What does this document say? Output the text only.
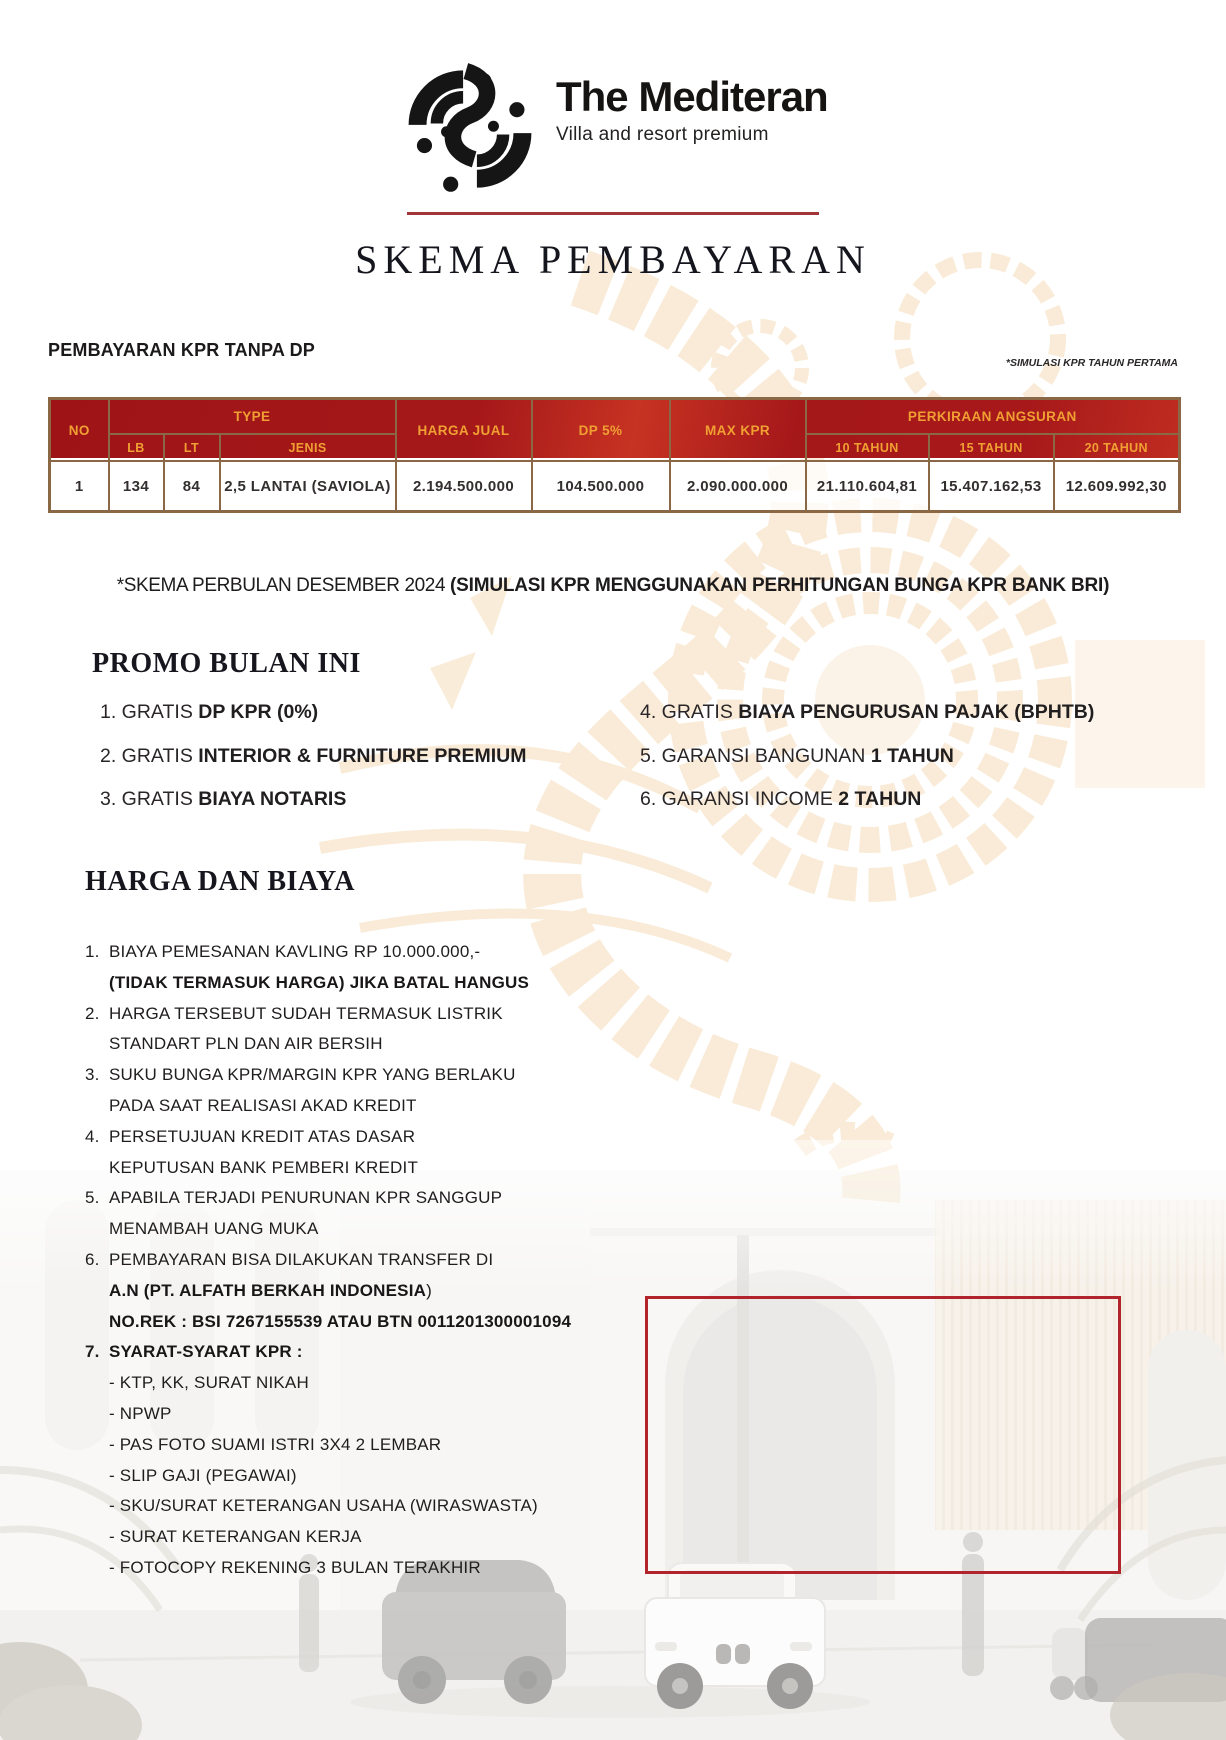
The Mediteran
Villa and resort premium
SKEMA PEMBAYARAN
PEMBAYARAN KPR TANPA DP
*SIMULASI KPR TAHUN PERTAMA
NO	TYPE			HARGA JUAL	DP 5%	MAX KPR	PERKIRAAN ANGSURAN		
	LB	LT	JENIS				10 TAHUN	15 TAHUN	20 TAHUN
1	134	84	2,5 LANTAI (SAVIOLA)	2.194.500.000	104.500.000	2.090.000.000	21.110.604,81	15.407.162,53	12.609.992,30
*SKEMA PERBULAN DESEMBER 2024 (SIMULASI KPR MENGGUNAKAN PERHITUNGAN BUNGA KPR BANK BRI)
PROMO BULAN INI
1. GRATIS DP KPR (0%)
2. GRATIS INTERIOR & FURNITURE PREMIUM
3. GRATIS BIAYA NOTARIS
4. GRATIS BIAYA PENGURUSAN PAJAK (BPHTB)
5. GARANSI BANGUNAN 1 TAHUN
6. GARANSI INCOME 2 TAHUN
HARGA DAN BIAYA
1. BIAYA PEMESANAN KAVLING RP 10.000.000,-
(TIDAK TERMASUK HARGA) JIKA BATAL HANGUS
2. HARGA TERSEBUT SUDAH TERMASUK LISTRIK
STANDART PLN DAN AIR BERSIH
3. SUKU BUNGA KPR/MARGIN KPR YANG BERLAKU
PADA SAAT REALISASI AKAD KREDIT
4. PERSETUJUAN KREDIT ATAS DASAR
KEPUTUSAN BANK PEMBERI KREDIT
5. APABILA TERJADI PENURUNAN KPR SANGGUP
MENAMBAH UANG MUKA
6. PEMBAYARAN BISA DILAKUKAN TRANSFER DI
A.N (PT. ALFATH BERKAH INDONESIA)
NO.REK : BSI 7267155539 ATAU BTN 0011201300001094
7. SYARAT-SYARAT KPR :
- KTP, KK, SURAT NIKAH
- NPWP
- PAS FOTO SUAMI ISTRI 3X4 2 LEMBAR
- SLIP GAJI (PEGAWAI)
- SKU/SURAT KETERANGAN USAHA (WIRASWASTA)
- SURAT KETERANGAN KERJA
- FOTOCOPY REKENING 3 BULAN TERAKHIR
